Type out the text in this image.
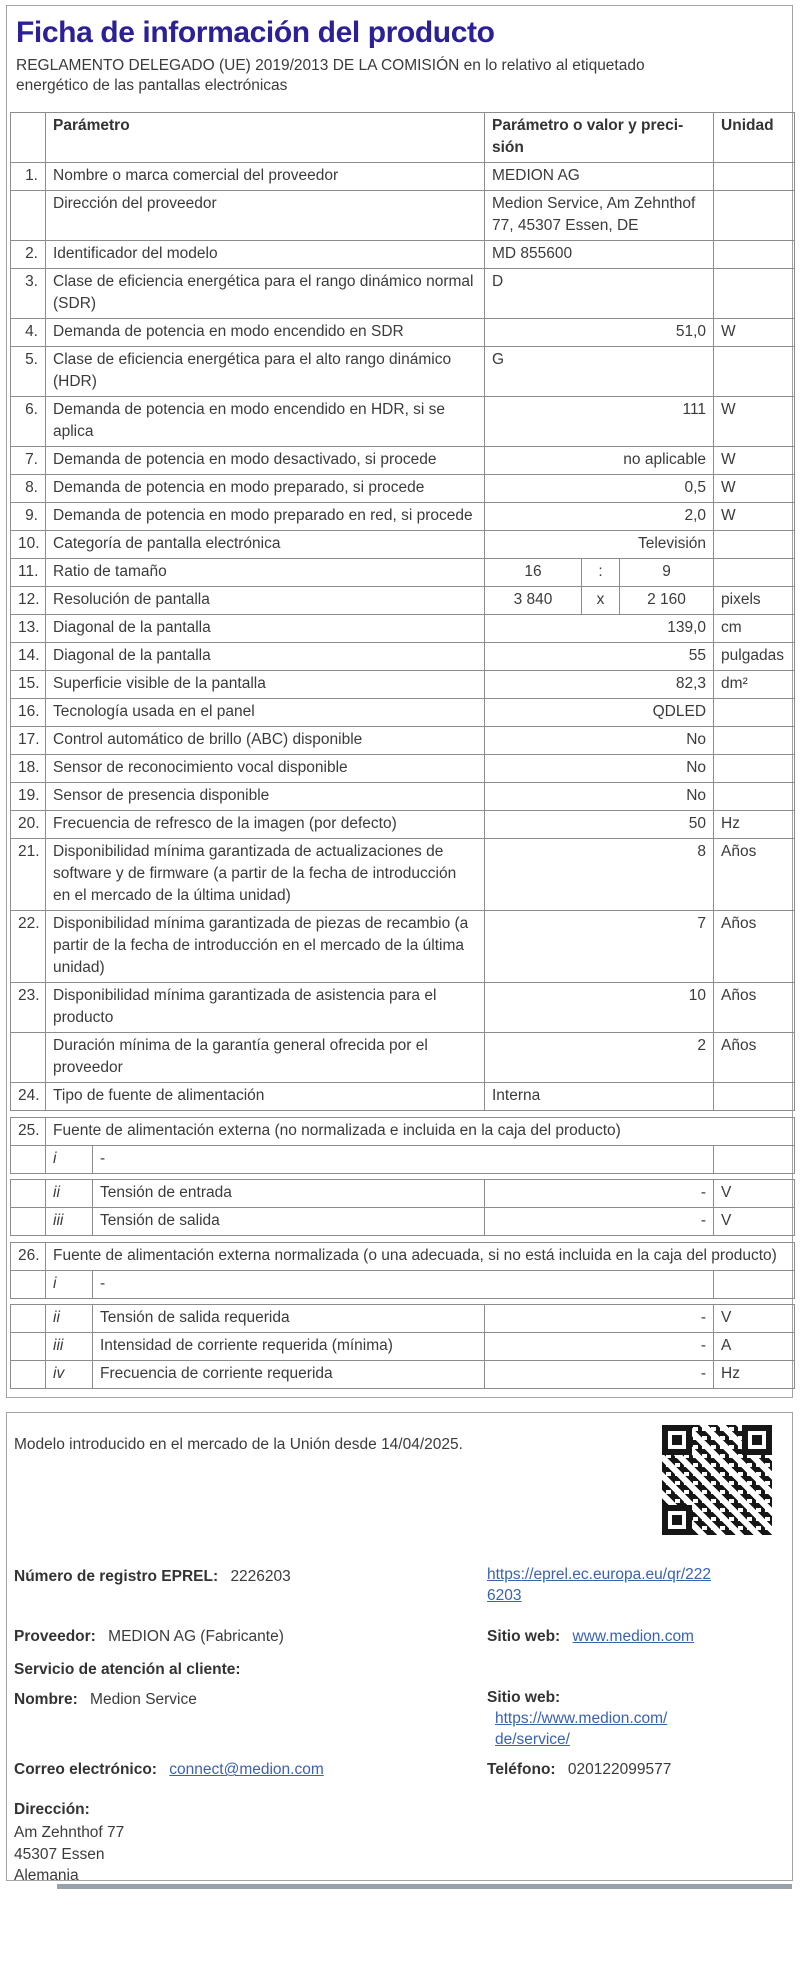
Ficha de información del producto

REGLAMENTO DELEGADO (UE) 2019/2013 DE LA COMISIÓN en lo relativo al etiquetado energético de las pantallas electrónicas

	Parámetro	Parámetro o valor y precisión			Unidad
1.	Nombre o marca comercial del proveedor	MEDION AG			
	Dirección del proveedor	Medion Service, Am Zehnthof 77, 45307 Essen, DE			
2.	Identificador del modelo	MD 855600			
3.	Clase de eficiencia energética para el rango dinámico normal (SDR)	D			
4.	Demanda de potencia en modo encendido en SDR	51,0			W
5.	Clase de eficiencia energética para el alto rango dinámico (HDR)	G			
6.	Demanda de potencia en modo encendido en HDR, si se aplica	111			W
7.	Demanda de potencia en modo desactivado, si procede	no aplicable			W
8.	Demanda de potencia en modo preparado, si procede	0,5			W
9.	Demanda de potencia en modo preparado en red, si procede	2,0			W
10.	Categoría de pantalla electrónica	Televisión			
11.	Ratio de tamaño	16	:	9	
12.	Resolución de pantalla	3 840	x	2 160	pixels
13.	Diagonal de la pantalla	139,0			cm
14.	Diagonal de la pantalla	55			pulgadas
15.	Superficie visible de la pantalla	82,3			dm²
16.	Tecnología usada en el panel	QDLED			
17.	Control automático de brillo (ABC) disponible	No			
18.	Sensor de reconocimiento vocal disponible	No			
19.	Sensor de presencia disponible	No			
20.	Frecuencia de refresco de la imagen (por defecto)	50			Hz
21.	Disponibilidad mínima garantizada de actualizaciones de software y de firmware (a partir de la fecha de introducción en el mercado de la última unidad)	8			Años
22.	Disponibilidad mínima garantizada de piezas de recambio (a partir de la fecha de introducción en el mercado de la última unidad)	7			Años
23.	Disponibilidad mínima garantizada de asistencia para el producto	10			Años
	Duración mínima de la garantía general ofrecida por el proveedor	2			Años
24.	Tipo de fuente de alimentación	Interna			
25.	Fuente de alimentación externa (no normalizada e incluida en la caja del producto)		
	i	-	
	ii	Tensión de entrada	-	V
	iii	Tensión de salida	-	V
26.	Fuente de alimentación externa normalizada (o una adecuada, si no está incluida en la caja del producto)		
	i	-	
	ii	Tensión de salida requerida	-	V
	iii	Intensidad de corriente requerida (mínima)	-	A
	iv	Frecuencia de corriente requerida	-	Hz
Modelo introducido en el mercado de la Unión desde 14/04/2025.
Número de registro EPREL: 2226203	https://eprel.ec.europa.eu/qr/2226203
Proveedor: MEDION AG (Fabricante)	Sitio web: www.medion.com
Servicio de atención al cliente:
Nombre: Medion Service	Sitio web: https://www.medion.com/de/service/
Correo electrónico: connect@medion.com	Teléfono: 020122099577
Dirección:
Am Zehnthof 77
45307 Essen
Alemania
